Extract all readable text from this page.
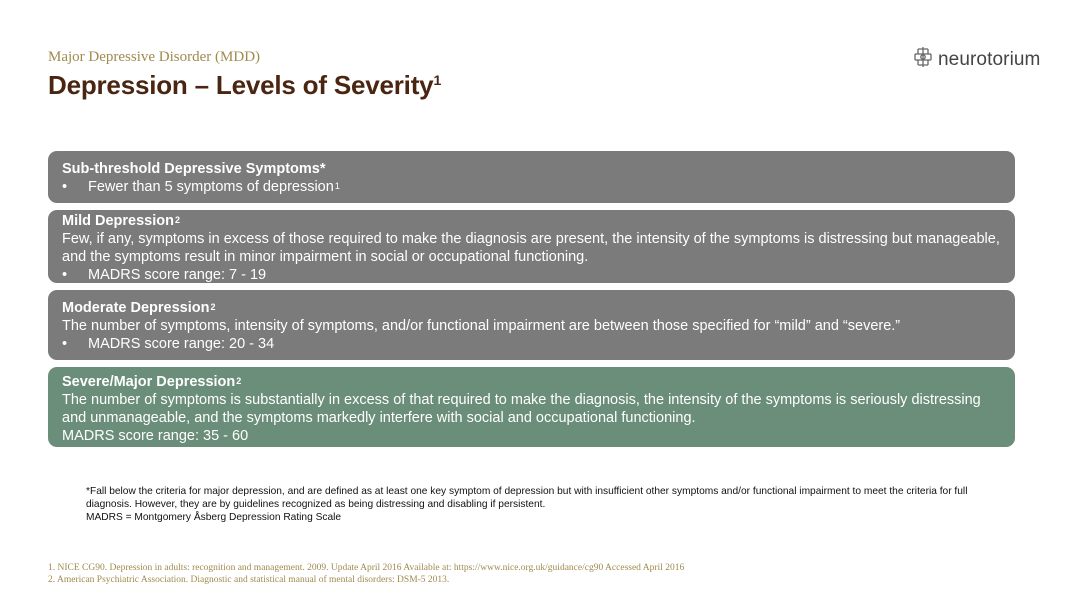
Major Depressive Disorder (MDD)
Depression – Levels of Severity$^1$
neurotorium
Sub-threshold Depressive Symptoms*
•	Fewer than 5 symptoms of depression$^1$
Mild Depression$^2$
Few, if any, symptoms in excess of those required to make the diagnosis are present, the intensity of the symptoms is distressing but manageable, and the symptoms result in minor impairment in social or occupational functioning.
•	MADRS score range: 7 - 19
Moderate Depression$^2$
The number of symptoms, intensity of symptoms, and/or functional impairment are between those specified for “mild” and “severe.”
•	MADRS score range: 20 - 34
Severe/Major Depression$^2$
The number of symptoms is substantially in excess of that required to make the diagnosis, the intensity of the symptoms is seriously distressing and unmanageable, and the symptoms markedly interfere with social and occupational functioning.
MADRS score range: 35 - 60
*Fall below the criteria for major depression, and are defined as at least one key symptom of depression but with insufficient other symptoms and/or functional impairment to meet the criteria for full diagnosis. However, they are by guidelines recognized as being distressing and disabling if persistent.
MADRS = Montgomery Åsberg Depression Rating Scale
1. NICE CG90. Depression in adults: recognition and management. 2009. Update April 2016 Available at: https://www.nice.org.uk/guidance/cg90 Accessed April 2016
2. American Psychiatric Association. Diagnostic and statistical manual of mental disorders: DSM-5 2013.
